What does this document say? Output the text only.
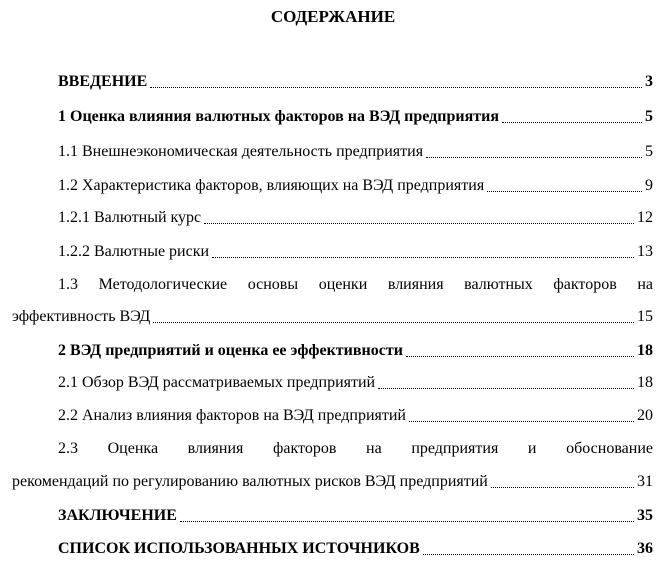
СОДЕРЖАНИЕ
ВВЕДЕНИЕ	3
1 Оценка влияния валютных факторов на ВЭД предприятия	5
1.1 Внешнеэкономическая деятельность предприятия	5
1.2 Характеристика факторов, влияющих на ВЭД предприятия	9
1.2.1 Валютный курс	12
1.2.2 Валютные риски	13
1.3 Методологические основы оценки влияния валютных факторов на
эффективность ВЭД	15
2 ВЭД предприятий и оценка ее эффективности	18
2.1 Обзор ВЭД рассматриваемых предприятий	18
2.2 Анализ влияния факторов на ВЭД предприятий	20
2.3 Оценка влияния факторов на предприятия и обоснование
рекомендаций по регулированию валютных рисков ВЭД предприятий	31
ЗАКЛЮЧЕНИЕ	35
СПИСОК ИСПОЛЬЗОВАННЫХ ИСТОЧНИКОВ	36
